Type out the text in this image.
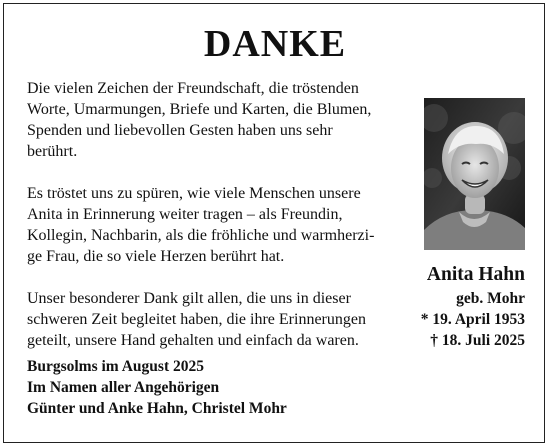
DANKE

Die vielen Zeichen der Freundschaft, die tröstenden
Worte, Umarmungen, Briefe und Karten, die Blumen,
Spenden und liebevollen Gesten haben uns sehr
berührt.

Es tröstet uns zu spüren, wie viele Menschen unsere
Anita in Erinnerung weiter tragen – als Freundin,
Kollegin, Nachbarin, als die fröhliche und warmherzi-
ge Frau, die so viele Herzen berührt hat.

Unser besonderer Dank gilt allen, die uns in dieser
schweren Zeit begleitet haben, die ihre Erinnerungen
geteilt, unsere Hand gehalten und einfach da waren.

Burgsolms im August 2025
Im Namen aller Angehörigen
Günter und Anke Hahn, Christel Mohr
Anita Hahn
geb. Mohr
* 19. April 1953
† 18. Juli 2025
